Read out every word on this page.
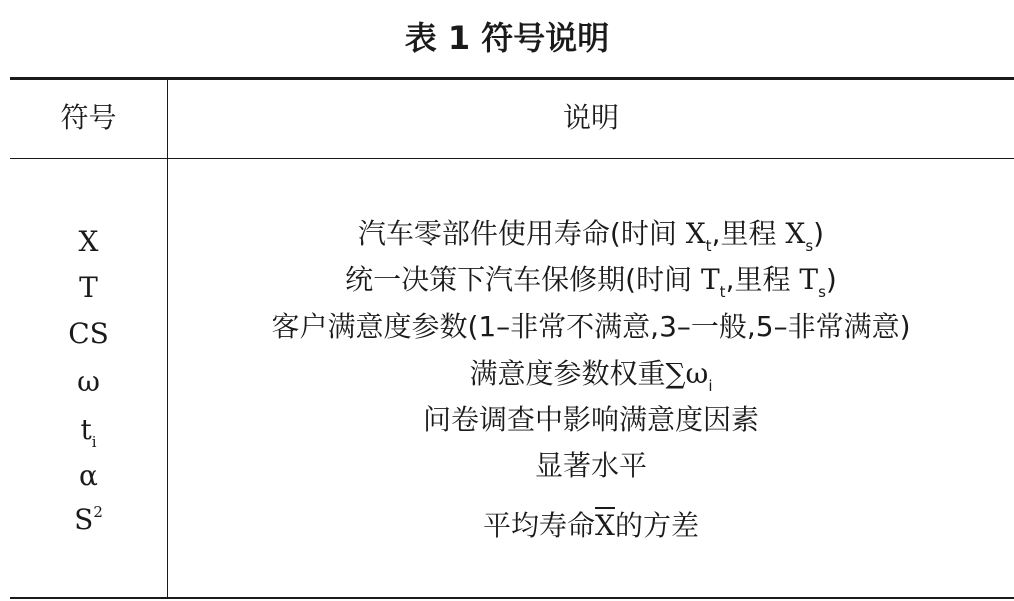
表 1 符号说明
符号	说明
X
T
CS
ω
$t_i$
α
$S^2$
汽车零部件使用寿命(时间 $X_t$,里程 $X_s$)
统一决策下汽车保修期(时间 $T_t$,里程 $T_s$)
客户满意度参数(1–非常不满意,3–一般,5–非常满意)
满意度参数权重$\sum\omega_i$
问卷调查中影响满意度因素
显著水平
平均寿命$\overline{X}$的方差
